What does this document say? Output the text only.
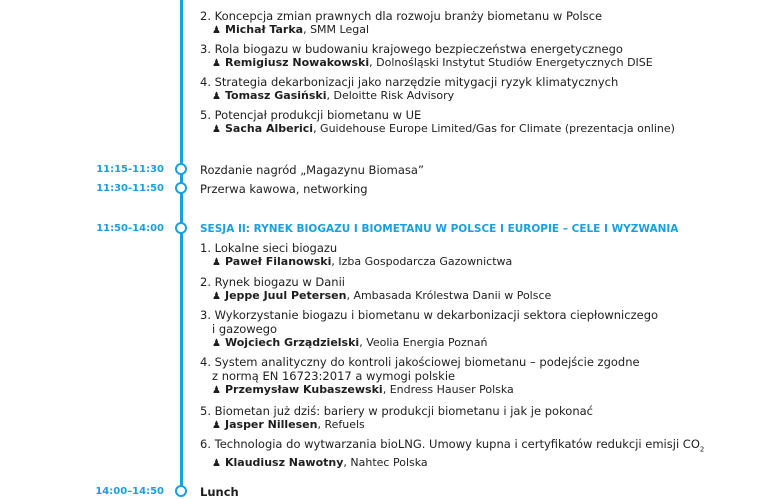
2. Koncepcja zmian prawnych dla rozwoju branży biometanu w Polsce
♟ Michał Tarka, SMM Legal
3. Rola biogazu w budowaniu krajowego bezpieczeństwa energetycznego
♟ Remigiusz Nowakowski, Dolnośląski Instytut Studiów Energetycznych DISE
4. Strategia dekarbonizacji jako narzędzie mitygacji ryzyk klimatycznych
♟ Tomasz Gasiński, Deloitte Risk Advisory
5. Potencjał produkcji biometanu w UE
♟ Sacha Alberici, Guidehouse Europe Limited/Gas for Climate (prezentacja online)
11:15-11:30	Rozdanie nagród „Magazynu Biomasa”
11:30-11:50	Przerwa kawowa, networking
11:50-14:00	SESJA II: RYNEK BIOGAZU I BIOMETANU W POLSCE I EUROPIE – CELE I WYZWANIA
1. Lokalne sieci biogazu
♟ Paweł Filanowski, Izba Gospodarcza Gazownictwa
2. Rynek biogazu w Danii
♟ Jeppe Juul Petersen, Ambasada Królestwa Danii w Polsce
3. Wykorzystanie biogazu i biometanu w dekarbonizacji sektora ciepłowniczego
i gazowego
♟ Wojciech Grządzielski, Veolia Energia Poznań
4. System analityczny do kontroli jakościowej biometanu – podejście zgodne
z normą EN 16723:2017 a wymogi polskie
♟ Przemysław Kubaszewski, Endress Hauser Polska
5. Biometan już dziś: bariery w produkcji biometanu i jak je pokonać
♟ Jasper Nillesen, Refuels
6. Technologia do wytwarzania bioLNG. Umowy kupna i certyfikatów redukcji emisji $CO_2$
♟ Klaudiusz Nawotny, Nahtec Polska
14:00–14:50	Lunch
